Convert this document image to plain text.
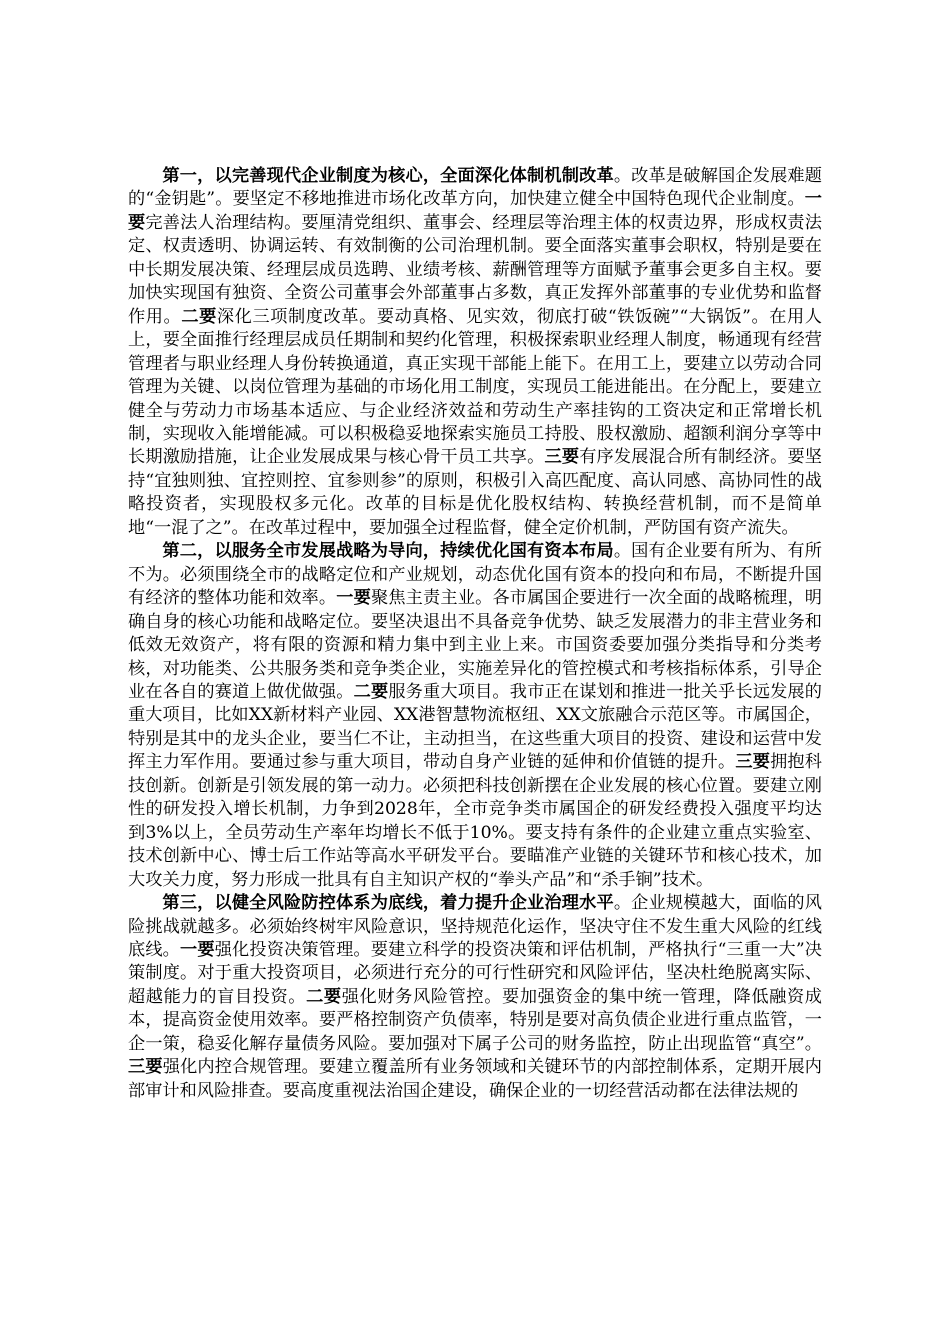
第一，以完善现代企业制度为核心，全面深化体制机制改革。改革是破解国企发展难题的“金钥匙”。要坚定不移地推进市场化改革方向，加快建立健全中国特色现代企业制度。一要完善法人治理结构。要厘清党组织、董事会、经理层等治理主体的权责边界，形成权责法定、权责透明、协调运转、有效制衡的公司治理机制。要全面落实董事会职权，特别是要在中长期发展决策、经理层成员选聘、业绩考核、薪酬管理等方面赋予董事会更多自主权。要加快实现国有独资、全资公司董事会外部董事占多数，真正发挥外部董事的专业优势和监督作用。二要深化三项制度改革。要动真格、见实效，彻底打破“铁饭碗”“大锅饭”。在用人上，要全面推行经理层成员任期制和契约化管理，积极探索职业经理人制度，畅通现有经营管理者与职业经理人身份转换通道，真正实现干部能上能下。在用工上，要建立以劳动合同管理为关键、以岗位管理为基础的市场化用工制度，实现员工能进能出。在分配上，要建立健全与劳动力市场基本适应、与企业经济效益和劳动生产率挂钩的工资决定和正常增长机制，实现收入能增能减。可以积极稳妥地探索实施员工持股、股权激励、超额利润分享等中长期激励措施，让企业发展成果与核心骨干员工共享。三要有序发展混合所有制经济。要坚持“宜独则独、宜控则控、宜参则参”的原则，积极引入高匹配度、高认同感、高协同性的战略投资者，实现股权多元化。改革的目标是优化股权结构、转换经营机制，而不是简单地“一混了之”。在改革过程中，要加强全过程监督，健全定价机制，严防国有资产流失。

第二，以服务全市发展战略为导向，持续优化国有资本布局。国有企业要有所为、有所不为。必须围绕全市的战略定位和产业规划，动态优化国有资本的投向和布局，不断提升国有经济的整体功能和效率。一要聚焦主责主业。各市属国企要进行一次全面的战略梳理，明确自身的核心功能和战略定位。要坚决退出不具备竞争优势、缺乏发展潜力的非主营业务和低效无效资产，将有限的资源和精力集中到主业上来。市国资委要加强分类指导和分类考核，对功能类、公共服务类和竞争类企业，实施差异化的管控模式和考核指标体系，引导企业在各自的赛道上做优做强。二要服务重大项目。我市正在谋划和推进一批关乎长远发展的重大项目，比如XX新材料产业园、XX港智慧物流枢纽、XX文旅融合示范区等。市属国企，特别是其中的龙头企业，要当仁不让，主动担当，在这些重大项目的投资、建设和运营中发挥主力军作用。要通过参与重大项目，带动自身产业链的延伸和价值链的提升。三要拥抱科技创新。创新是引领发展的第一动力。必须把科技创新摆在企业发展的核心位置。要建立刚性的研发投入增长机制，力争到2028年，全市竞争类市属国企的研发经费投入强度平均达到3%以上，全员劳动生产率年均增长不低于10%。要支持有条件的企业建立重点实验室、技术创新中心、博士后工作站等高水平研发平台。要瞄准产业链的关键环节和核心技术，加大攻关力度，努力形成一批具有自主知识产权的“拳头产品”和“杀手锏”技术。

第三，以健全风险防控体系为底线，着力提升企业治理水平。企业规模越大，面临的风险挑战就越多。必须始终树牢风险意识，坚持规范化运作，坚决守住不发生重大风险的红线底线。一要强化投资决策管理。要建立科学的投资决策和评估机制，严格执行“三重一大”决策制度。对于重大投资项目，必须进行充分的可行性研究和风险评估，坚决杜绝脱离实际、超越能力的盲目投资。二要强化财务风险管控。要加强资金的集中统一管理，降低融资成本，提高资金使用效率。要严格控制资产负债率，特别是要对高负债企业进行重点监管，一企一策，稳妥化解存量债务风险。要加强对下属子公司的财务监控，防止出现监管“真空”。三要强化内控合规管理。要建立覆盖所有业务领域和关键环节的内部控制体系，定期开展内部审计和风险排查。要高度重视法治国企建设，确保企业的一切经营活动都在法律法规的
